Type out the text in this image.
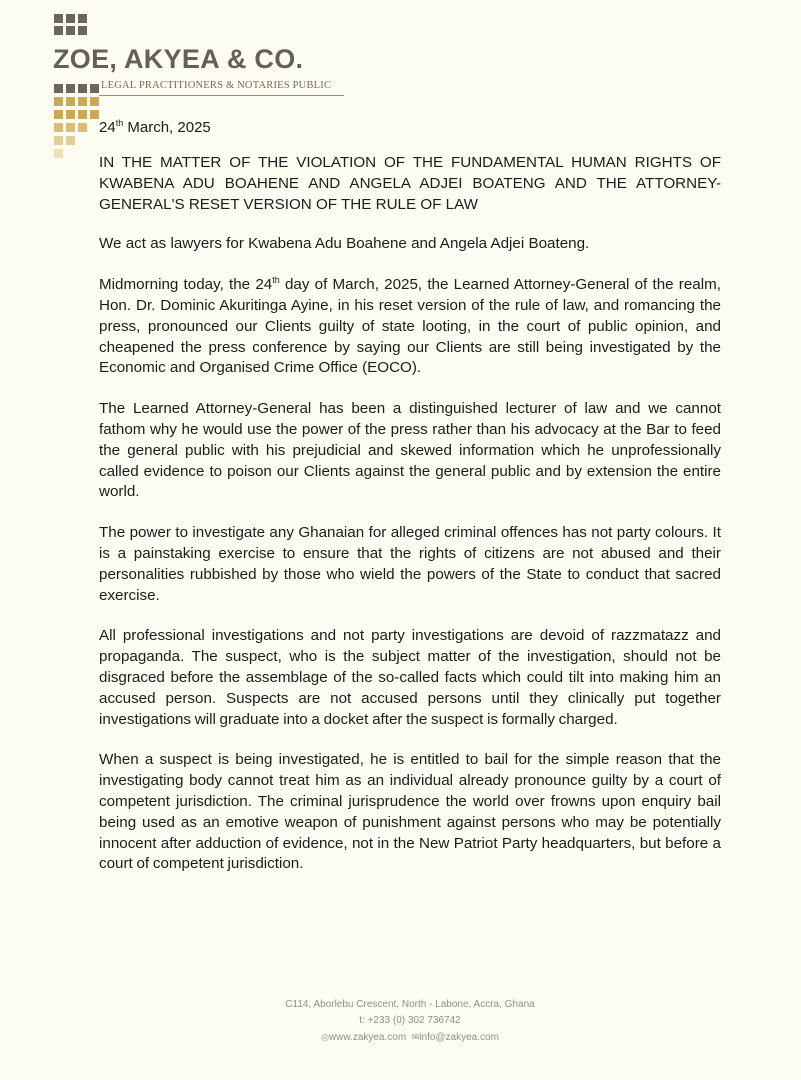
ZOE, AKYEA & CO.
LEGAL PRACTITIONERS & NOTARIES PUBLIC
24th March, 2025

IN THE MATTER OF THE VIOLATION OF THE FUNDAMENTAL HUMAN RIGHTS OF KWABENA ADU BOAHENE AND ANGELA ADJEI BOATENG AND THE ATTORNEY-GENERAL'S RESET VERSION OF THE RULE OF LAW

We act as lawyers for Kwabena Adu Boahene and Angela Adjei Boateng.

Midmorning today, the 24th day of March, 2025, the Learned Attorney-General of the realm, Hon. Dr. Dominic Akuritinga Ayine, in his reset version of the rule of law, and romancing the press, pronounced our Clients guilty of state looting, in the court of public opinion, and cheapened the press conference by saying our Clients are still being investigated by the Economic and Organised Crime Office (EOCO).

The Learned Attorney-General has been a distinguished lecturer of law and we cannot fathom why he would use the power of the press rather than his advocacy at the Bar to feed the general public with his prejudicial and skewed information which he unprofessionally called evidence to poison our Clients against the general public and by extension the entire world.

The power to investigate any Ghanaian for alleged criminal offences has not party colours. It is a painstaking exercise to ensure that the rights of citizens are not abused and their personalities rubbished by those who wield the powers of the State to conduct that sacred exercise.

All professional investigations and not party investigations are devoid of razzmatazz and propaganda. The suspect, who is the subject matter of the investigation, should not be disgraced before the assemblage of the so-called facts which could tilt into making him an accused person. Suspects are not accused persons until they clinically put together investigations will graduate into a docket after the suspect is formally charged.

When a suspect is being investigated, he is entitled to bail for the simple reason that the investigating body cannot treat him as an individual already pronounce guilty by a court of competent jurisdiction. The criminal jurisprudence the world over frowns upon enquiry bail being used as an emotive weapon of punishment against persons who may be potentially innocent after adduction of evidence, not in the New Patriot Party headquarters, but before a court of competent jurisdiction.

C114, Aborlebu Crescent, North - Labone, Accra, Ghana
t: +233 (0) 302 736742
◎www.zakyea.com ✉info@zakyea.com
